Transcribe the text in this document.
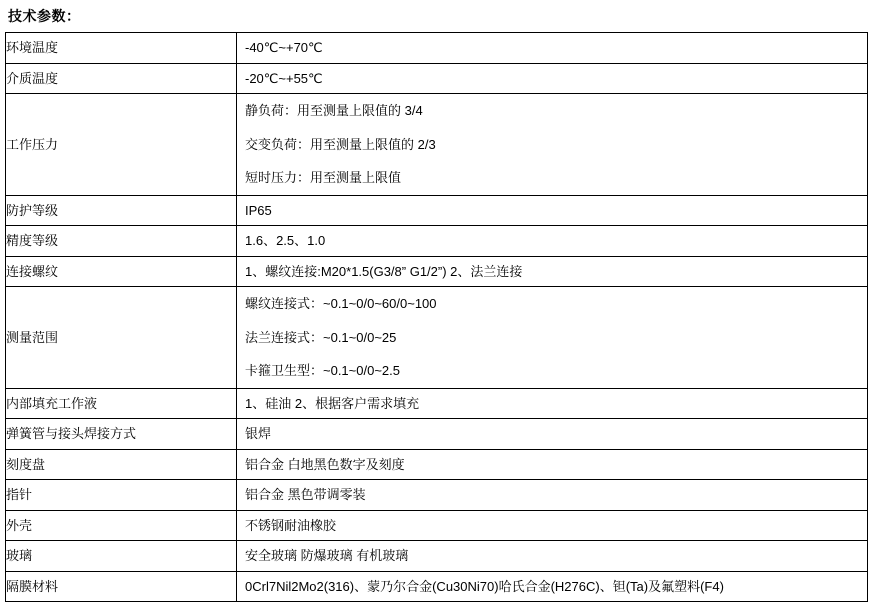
技术参数：
环境温度	-40℃~+70℃

介质温度	-20℃~+55℃

工作压力	静负荷：用至测量上限值的 3/4
交变负荷：用至测量上限值的 2/3
短时压力：用至测量上限值

防护等级	IP65

精度等级	1.6、2.5、1.0

连接螺纹	1、螺纹连接:M20*1.5(G3/8” G1/2”) 2、法兰连接

测量范围	螺纹连接式：~0.1~0/0~60/0~100
法兰连接式：~0.1~0/0~25
卡箍卫生型：~0.1~0/0~2.5

内部填充工作液	1、硅油 2、根据客户需求填充

弹簧管与接头焊接方式	银焊

刻度盘	铝合金 白地黑色数字及刻度

指针	铝合金 黑色带调零装

外壳	不锈钢耐油橡胶

玻璃	安全玻璃 防爆玻璃 有机玻璃

隔膜材料	0Crl7Nil2Mo2(316)、蒙乃尔合金(Cu30Ni70)哈氏合金(H276C)、钽(Ta)及氟塑料(F4)
